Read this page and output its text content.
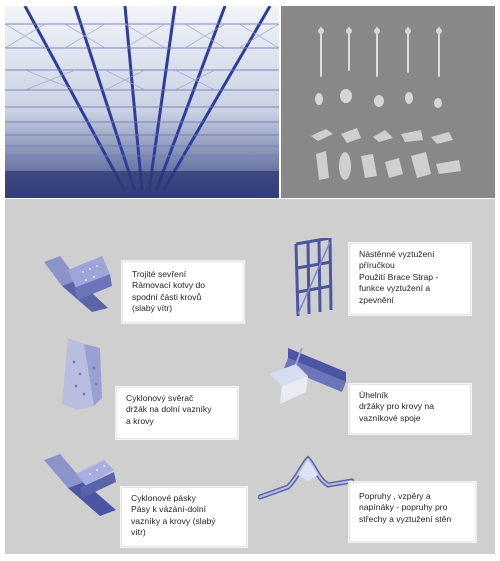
Trojité sevření
Rámovací kotvy do
spodní části krovů
(slabý vítr)
Nástěnné vyztužení
příručkou
Použití Brace Strap -
funkce vyztužení a
zpevnění
Cyklonový svěrač
držák na dolní vazníky
a krovy
Úhelník
držáky pro krovy na
vazníkové spoje
Cyklonové pásky
Pásy k vázání-dolní
vazníky a krovy (slabý
vítr)
Popruhy , vzpěry a
napínáky - popruhy pro
střechy a vyztužení stěn
